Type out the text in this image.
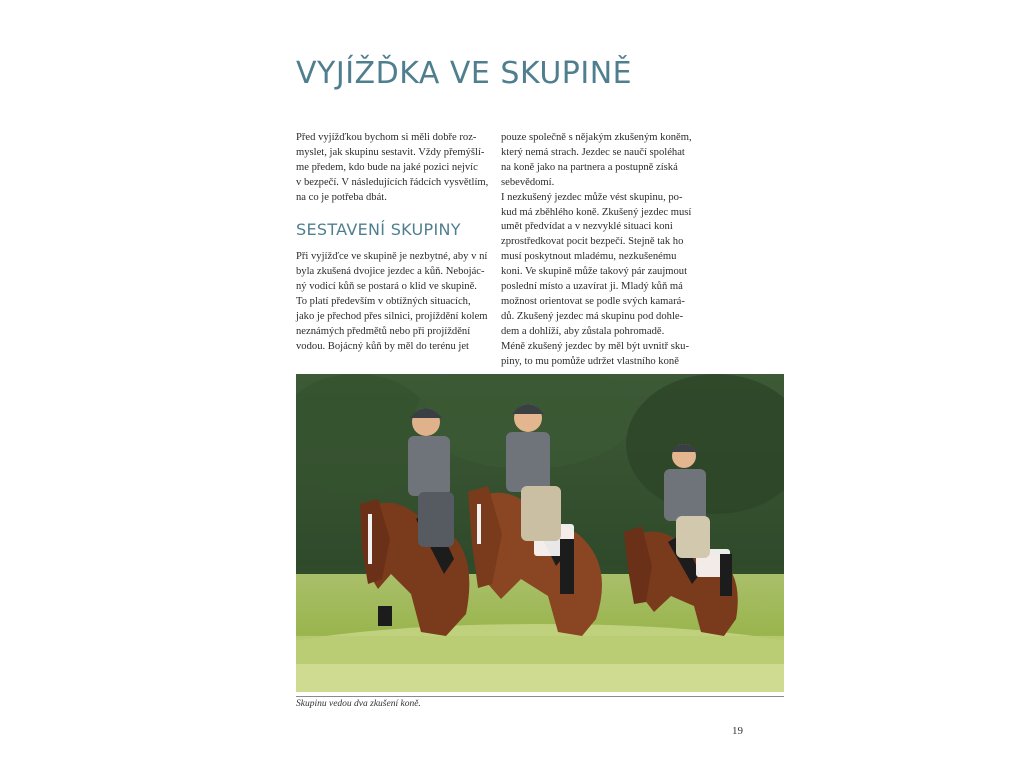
VYJÍŽĎKA VE SKUPINĚ

Před vyjížďkou bychom si měli dobře roz-
myslet, jak skupinu sestavit. Vždy přemýšlí-
me předem, kdo bude na jaké pozici nejvíc
v bezpečí. V následujících řádcích vysvětlím,
na co je potřeba dbát.

SESTAVENÍ SKUPINY

Při vyjížďce ve skupině je nezbytné, aby v ní
byla zkušená dvojice jezdec a kůň. Nebojác-
ný vodicí kůň se postará o klid ve skupině.
To platí především v obtížných situacích,
jako je přechod přes silnici, projíždění kolem
neznámých předmětů nebo při projíždění
vodou. Bojácný kůň by měl do terénu jet

pouze společně s nějakým zkušeným koněm,
který nemá strach. Jezdec se naučí spoléhat
na koně jako na partnera a postupně získá
sebevědomí.
I nezkušený jezdec může vést skupinu, po-
kud má zběhlého koně. Zkušený jezdec musí
umět předvídat a v nezvyklé situaci koni
zprostředkovat pocit bezpečí. Stejně tak ho
musí poskytnout mladému, nezkušenému
koni. Ve skupině může takový pár zaujmout
poslední místo a uzavírat ji. Mladý kůň má
možnost orientovat se podle svých kamará-
dů. Zkušený jezdec má skupinu pod dohle-
dem a dohlíží, aby zůstala pohromadě.
Méně zkušený jezdec by měl být uvnitř sku-
piny, to mu pomůže udržet vlastního koně

Skupinu vedou dva zkušení koně.
19
